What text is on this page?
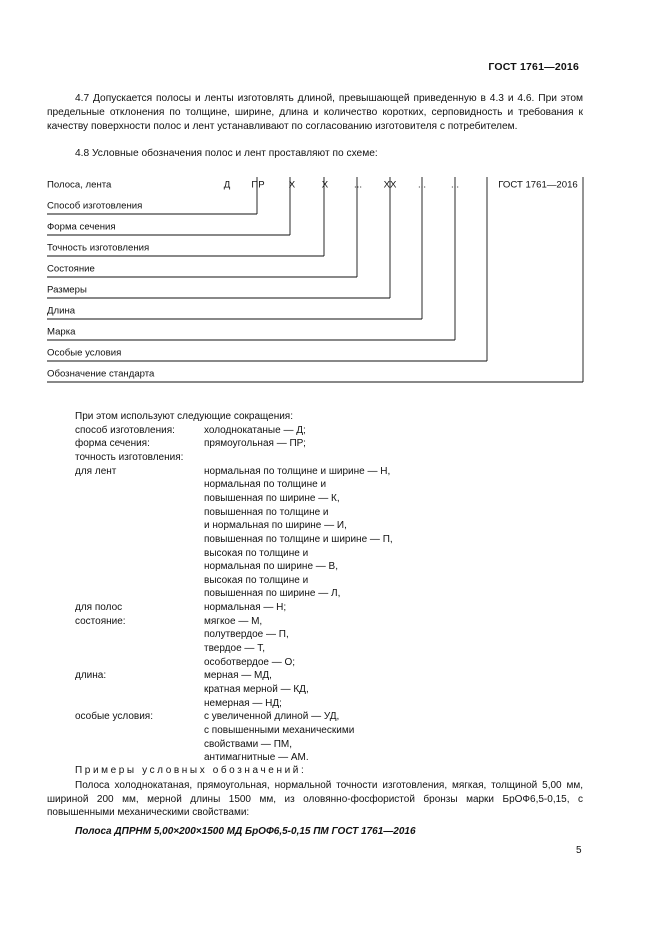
ГОСТ 1761—2016

4.7 Допускается полосы и ленты изготовлять длиной, превышающей приведенную в 4.3 и 4.6. При этом предельные отклонения по толщине, ширине, длина и количество коротких, серповидность и требования к качеству поверхности полос и лент устанавливают по согласованию изготовителя с потребителем.

4.8 Условные обозначения полос и лент проставляют по схеме:

Полоса, лента	Д ПР	Х	Х	... ХХ ...	...	ГОСТ 1761—2016
Способ изготовления
Форма сечения
Точность изготовления
Состояние
Размеры
Длина
Марка
Особые условия
Обозначение стандарта
При этом используют следующие сокращения:
способ изготовления:	холоднокатаные — Д;
форма сечения:	прямоугольная — ПР;
точность изготовления:
для лент	нормальная по толщине и ширине — Н,
нормальная по толщине и
повышенная по ширине — К,
повышенная по толщине и
и нормальная по ширине — И,
повышенная по толщине и ширине — П,
высокая по толщине и
нормальная по ширине — В,
высокая по толщине и
повышенная по ширине — Л,
для полос	нормальная — Н;
состояние:	мягкое — М,
полутвердое — П,
твердое — Т,
особотвердое — О;
длина:	мерная — МД,
кратная мерной — КД,
немерная — НД;
особые условия:	с увеличенной длиной — УД,
с повышенными механическими
свойствами — ПМ,
антимагнитные — АМ.
Примеры условных обозначений:

Полоса холоднокатаная, прямоугольная, нормальной точности изготовления, мягкая, толщиной 5,00 мм, шириной 200 мм, мерной длины 1500 мм, из оловянно-фосфористой бронзы марки БрОФ6,5-0,15, с повышенными механическими свойствами:

Полоса ДПРНМ 5,00×200×1500 МД БрОФ6,5-0,15 ПМ ГОСТ 1761—2016
5
